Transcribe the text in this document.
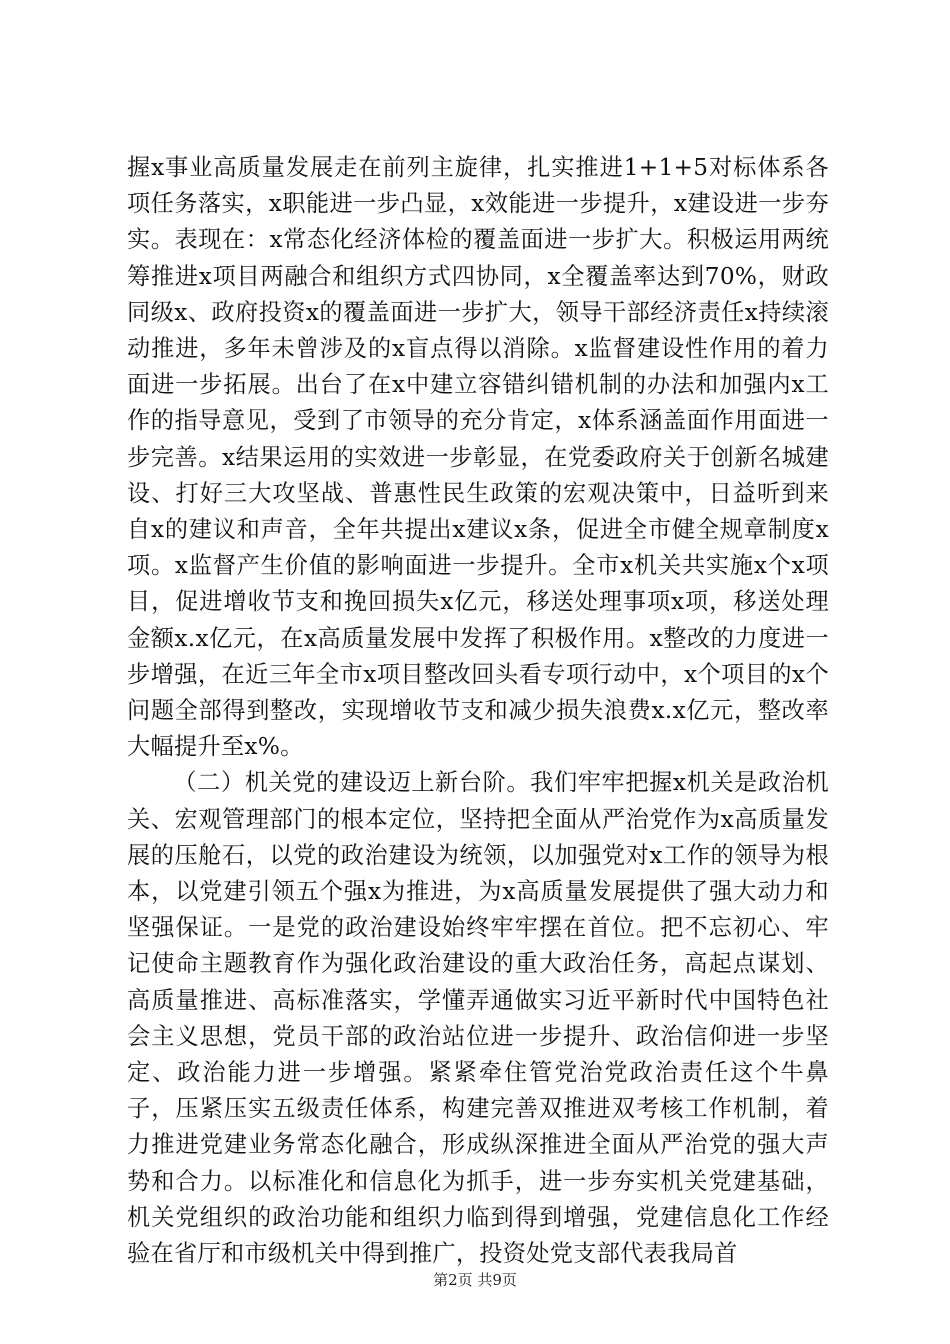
握x事业高质量发展走在前列主旋律，扎实推进1+1+5对标体系各项任务落实，x职能进一步凸显，x效能进一步提升，x建设进一步夯实。表现在：x常态化经济体检的覆盖面进一步扩大。积极运用两统筹推进x项目两融合和组织方式四协同，x全覆盖率达到70%，财政同级x、政府投资x的覆盖面进一步扩大，领导干部经济责任x持续滚动推进，多年未曾涉及的x盲点得以消除。x监督建设性作用的着力面进一步拓展。出台了在x中建立容错纠错机制的办法和加强内x工作的指导意见，受到了市领导的充分肯定，x体系涵盖面作用面进一步完善。x结果运用的实效进一步彰显，在党委政府关于创新名城建设、打好三大攻坚战、普惠性民生政策的宏观决策中，日益听到来自x的建议和声音，全年共提出x建议x条，促进全市健全规章制度x项。x监督产生价值的影响面进一步提升。全市x机关共实施x个x项目，促进增收节支和挽回损失x亿元，移送处理事项x项，移送处理金额x.x亿元，在x高质量发展中发挥了积极作用。x整改的力度进一步增强，在近三年全市x项目整改回头看专项行动中，x个项目的x个问题全部得到整改，实现增收节支和减少损失浪费x.x亿元，整改率大幅提升至x%。

（二）机关党的建设迈上新台阶。我们牢牢把握x机关是政治机关、宏观管理部门的根本定位，坚持把全面从严治党作为x高质量发展的压舱石，以党的政治建设为统领，以加强党对x工作的领导为根本，以党建引领五个强x为推进，为x高质量发展提供了强大动力和坚强保证。一是党的政治建设始终牢牢摆在首位。把不忘初心、牢记使命主题教育作为强化政治建设的重大政治任务，高起点谋划、高质量推进、高标准落实，学懂弄通做实习近平新时代中国特色社会主义思想，党员干部的政治站位进一步提升、政治信仰进一步坚定、政治能力进一步增强。紧紧牵住管党治党政治责任这个牛鼻子，压紧压实五级责任体系，构建完善双推进双考核工作机制，着力推进党建业务常态化融合，形成纵深推进全面从严治党的强大声势和合力。以标准化和信息化为抓手，进一步夯实机关党建基础，机关党组织的政治功能和组织力临到得到增强，党建信息化工作经验在省厅和市级机关中得到推广，投资处党支部代表我局首

第2页 共9页
